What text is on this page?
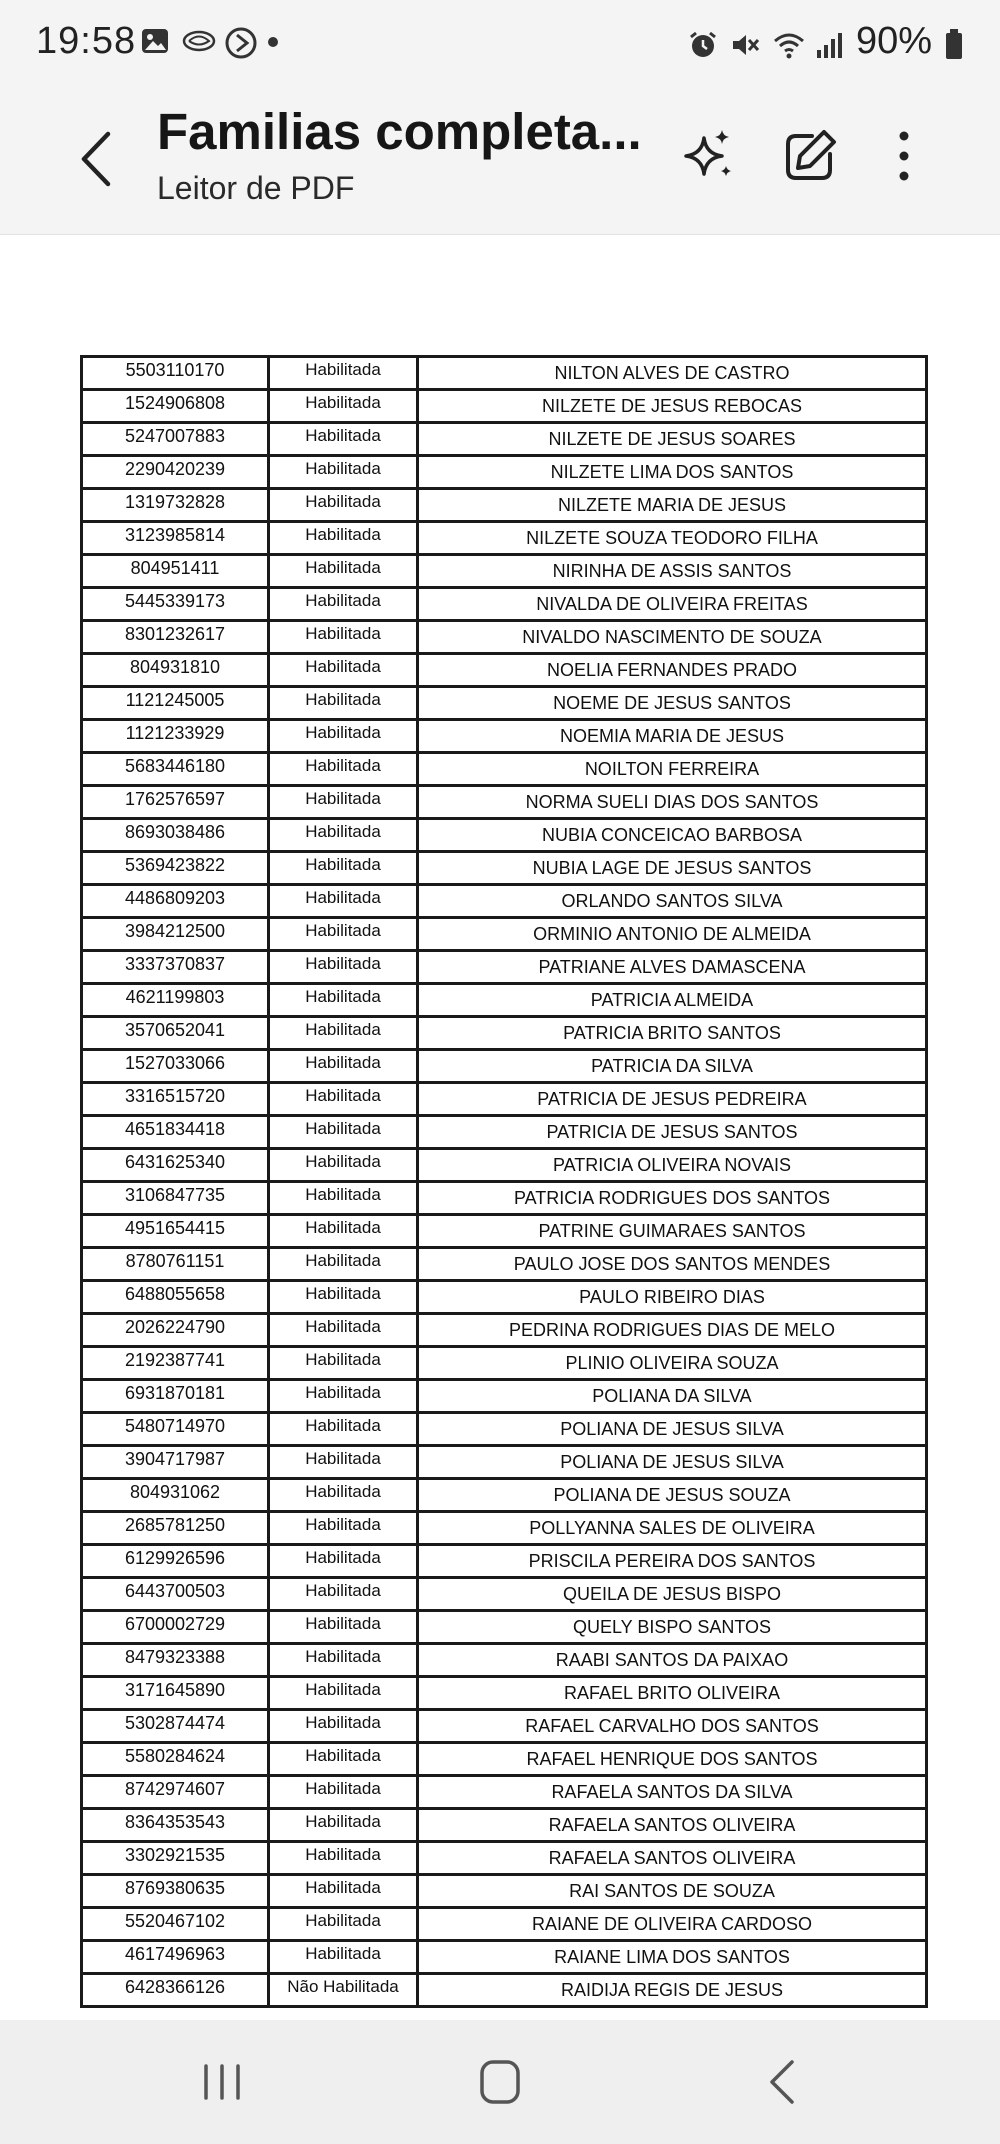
19:58	90%
Familias completa...
Leitor de PDF
5503110170	Habilitada	NILTON ALVES DE CASTRO
1524906808	Habilitada	NILZETE DE JESUS REBOCAS
5247007883	Habilitada	NILZETE DE JESUS SOARES
2290420239	Habilitada	NILZETE LIMA DOS SANTOS
1319732828	Habilitada	NILZETE MARIA DE JESUS
3123985814	Habilitada	NILZETE SOUZA TEODORO FILHA
804951411	Habilitada	NIRINHA DE ASSIS SANTOS
5445339173	Habilitada	NIVALDA DE OLIVEIRA FREITAS
8301232617	Habilitada	NIVALDO NASCIMENTO DE SOUZA
804931810	Habilitada	NOELIA FERNANDES PRADO
1121245005	Habilitada	NOEME DE JESUS SANTOS
1121233929	Habilitada	NOEMIA MARIA DE JESUS
5683446180	Habilitada	NOILTON FERREIRA
1762576597	Habilitada	NORMA SUELI DIAS DOS SANTOS
8693038486	Habilitada	NUBIA CONCEICAO BARBOSA
5369423822	Habilitada	NUBIA LAGE DE JESUS SANTOS
4486809203	Habilitada	ORLANDO SANTOS SILVA
3984212500	Habilitada	ORMINIO ANTONIO DE ALMEIDA
3337370837	Habilitada	PATRIANE ALVES DAMASCENA
4621199803	Habilitada	PATRICIA ALMEIDA
3570652041	Habilitada	PATRICIA BRITO SANTOS
1527033066	Habilitada	PATRICIA DA SILVA
3316515720	Habilitada	PATRICIA DE JESUS PEDREIRA
4651834418	Habilitada	PATRICIA DE JESUS SANTOS
6431625340	Habilitada	PATRICIA OLIVEIRA NOVAIS
3106847735	Habilitada	PATRICIA RODRIGUES DOS SANTOS
4951654415	Habilitada	PATRINE GUIMARAES SANTOS
8780761151	Habilitada	PAULO JOSE DOS SANTOS MENDES
6488055658	Habilitada	PAULO RIBEIRO DIAS
2026224790	Habilitada	PEDRINA RODRIGUES DIAS DE MELO
2192387741	Habilitada	PLINIO OLIVEIRA SOUZA
6931870181	Habilitada	POLIANA DA SILVA
5480714970	Habilitada	POLIANA DE JESUS SILVA
3904717987	Habilitada	POLIANA DE JESUS SILVA
804931062	Habilitada	POLIANA DE JESUS SOUZA
2685781250	Habilitada	POLLYANNA SALES DE OLIVEIRA
6129926596	Habilitada	PRISCILA PEREIRA DOS SANTOS
6443700503	Habilitada	QUEILA DE JESUS BISPO
6700002729	Habilitada	QUELY BISPO SANTOS
8479323388	Habilitada	RAABI SANTOS DA PAIXAO
3171645890	Habilitada	RAFAEL BRITO OLIVEIRA
5302874474	Habilitada	RAFAEL CARVALHO DOS SANTOS
5580284624	Habilitada	RAFAEL HENRIQUE DOS SANTOS
8742974607	Habilitada	RAFAELA SANTOS DA SILVA
8364353543	Habilitada	RAFAELA SANTOS OLIVEIRA
3302921535	Habilitada	RAFAELA SANTOS OLIVEIRA
8769380635	Habilitada	RAI SANTOS DE SOUZA
5520467102	Habilitada	RAIANE DE OLIVEIRA CARDOSO
4617496963	Habilitada	RAIANE LIMA DOS SANTOS
6428366126	Não Habilitada	RAIDIJA REGIS DE JESUS
